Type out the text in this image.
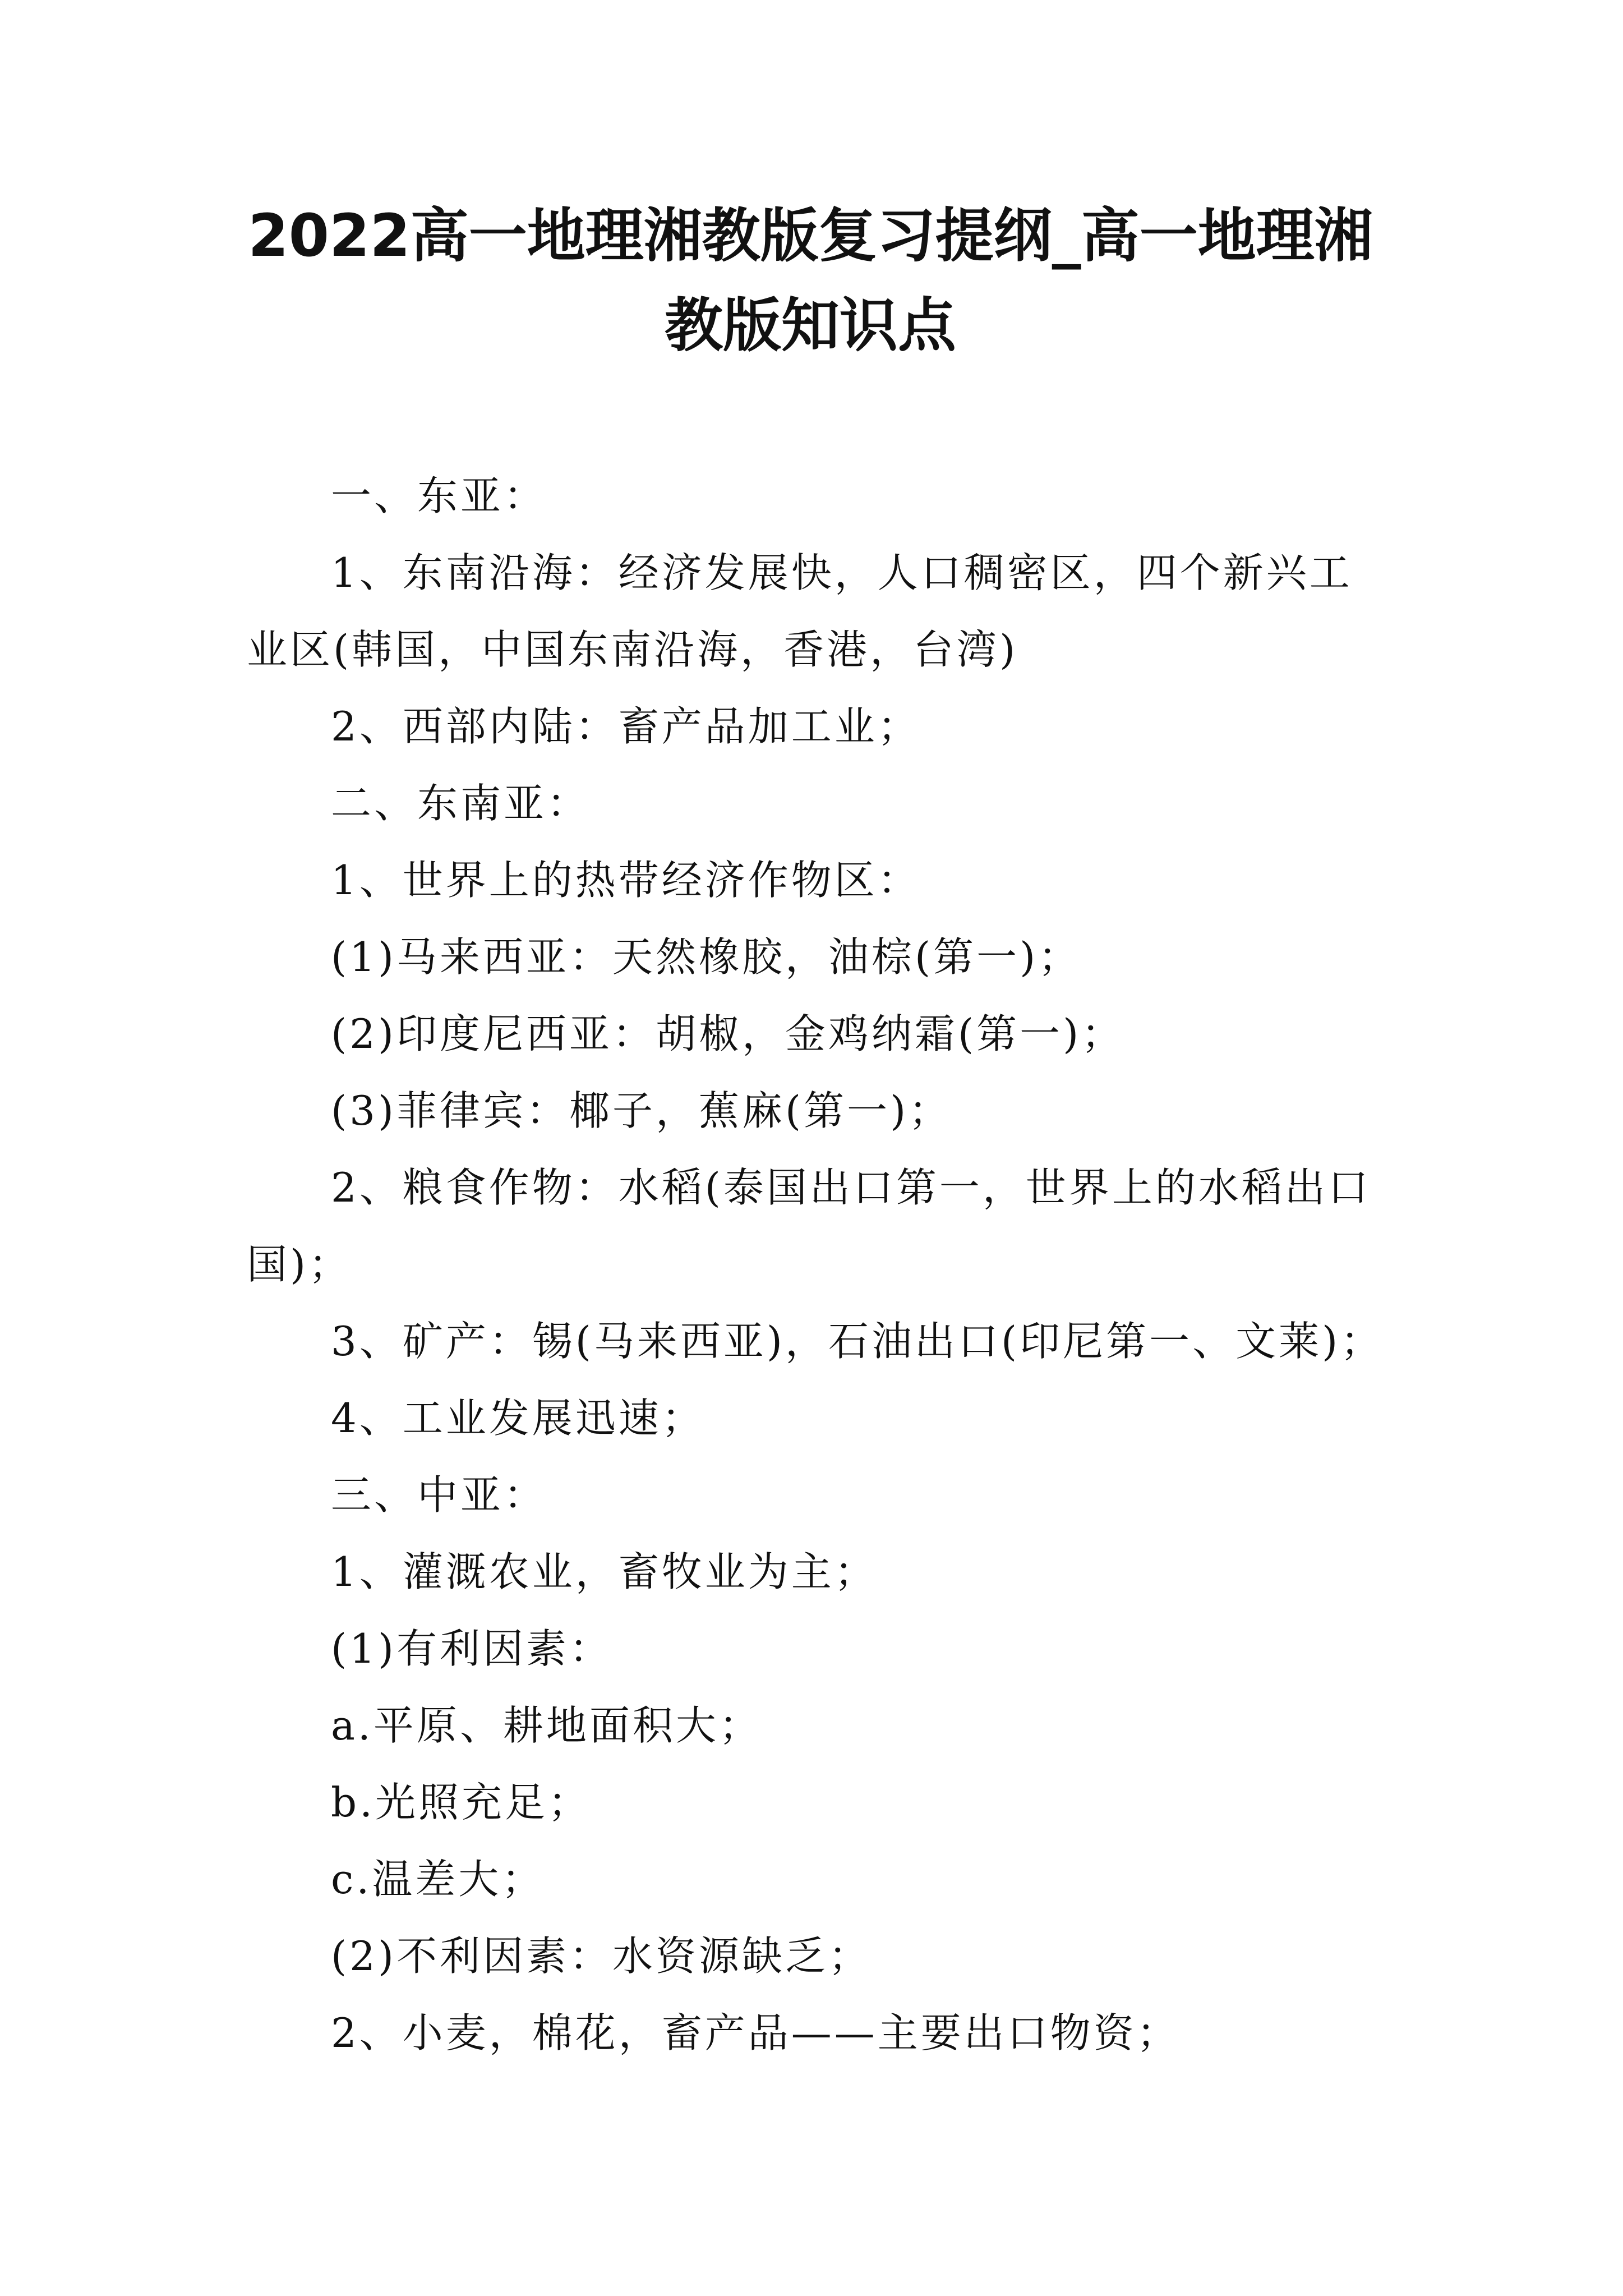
2022高一地理湘教版复习提纲_高一地理湘教版知识点

一、东亚：

1、东南沿海：经济发展快，人口稠密区，四个新兴工业区(韩国，中国东南沿海，香港，台湾)

2、西部内陆：畜产品加工业；

二、东南亚：

1、世界上的热带经济作物区：

(1)马来西亚：天然橡胶，油棕(第一)；

(2)印度尼西亚：胡椒，金鸡纳霜(第一)；

(3)菲律宾：椰子，蕉麻(第一)；

2、粮食作物：水稻(泰国出口第一，世界上的水稻出口国)；

3、矿产：锡(马来西亚)，石油出口(印尼第一、文莱)；

4、工业发展迅速；

三、中亚：

1、灌溉农业，畜牧业为主；

(1)有利因素：

a.平原、耕地面积大；

b.光照充足；

c.温差大；

(2)不利因素：水资源缺乏；

2、小麦，棉花，畜产品——主要出口物资；
